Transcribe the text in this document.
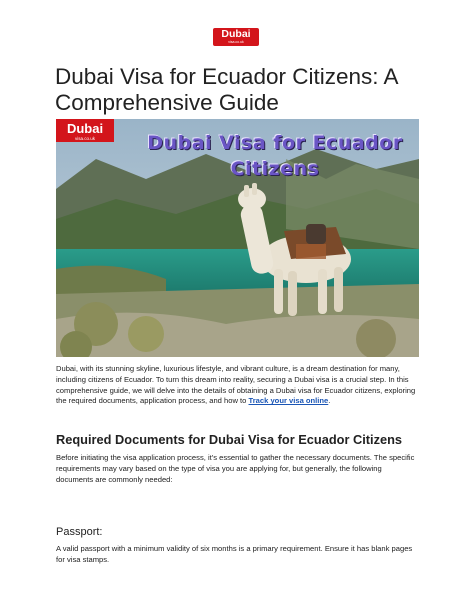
Dubai
visa.co.uk
Dubai Visa for Ecuador Citizens: A Comprehensive Guide
Dubai
visa.co.uk	Dubai Visa for Ecuador
Citizens

Dubai, with its stunning skyline, luxurious lifestyle, and vibrant culture, is a dream destination for many, including citizens of Ecuador. To turn this dream into reality, securing a Dubai visa is a crucial step. In this comprehensive guide, we will delve into the details of obtaining a Dubai visa for Ecuador citizens, exploring the required documents, application process, and how to Track your visa online.

Required Documents for Dubai Visa for Ecuador Citizens

Before initiating the visa application process, it's essential to gather the necessary documents. The specific requirements may vary based on the type of visa you are applying for, but generally, the following documents are commonly needed:

Passport:

A valid passport with a minimum validity of six months is a primary requirement. Ensure it has blank pages for visa stamps.
